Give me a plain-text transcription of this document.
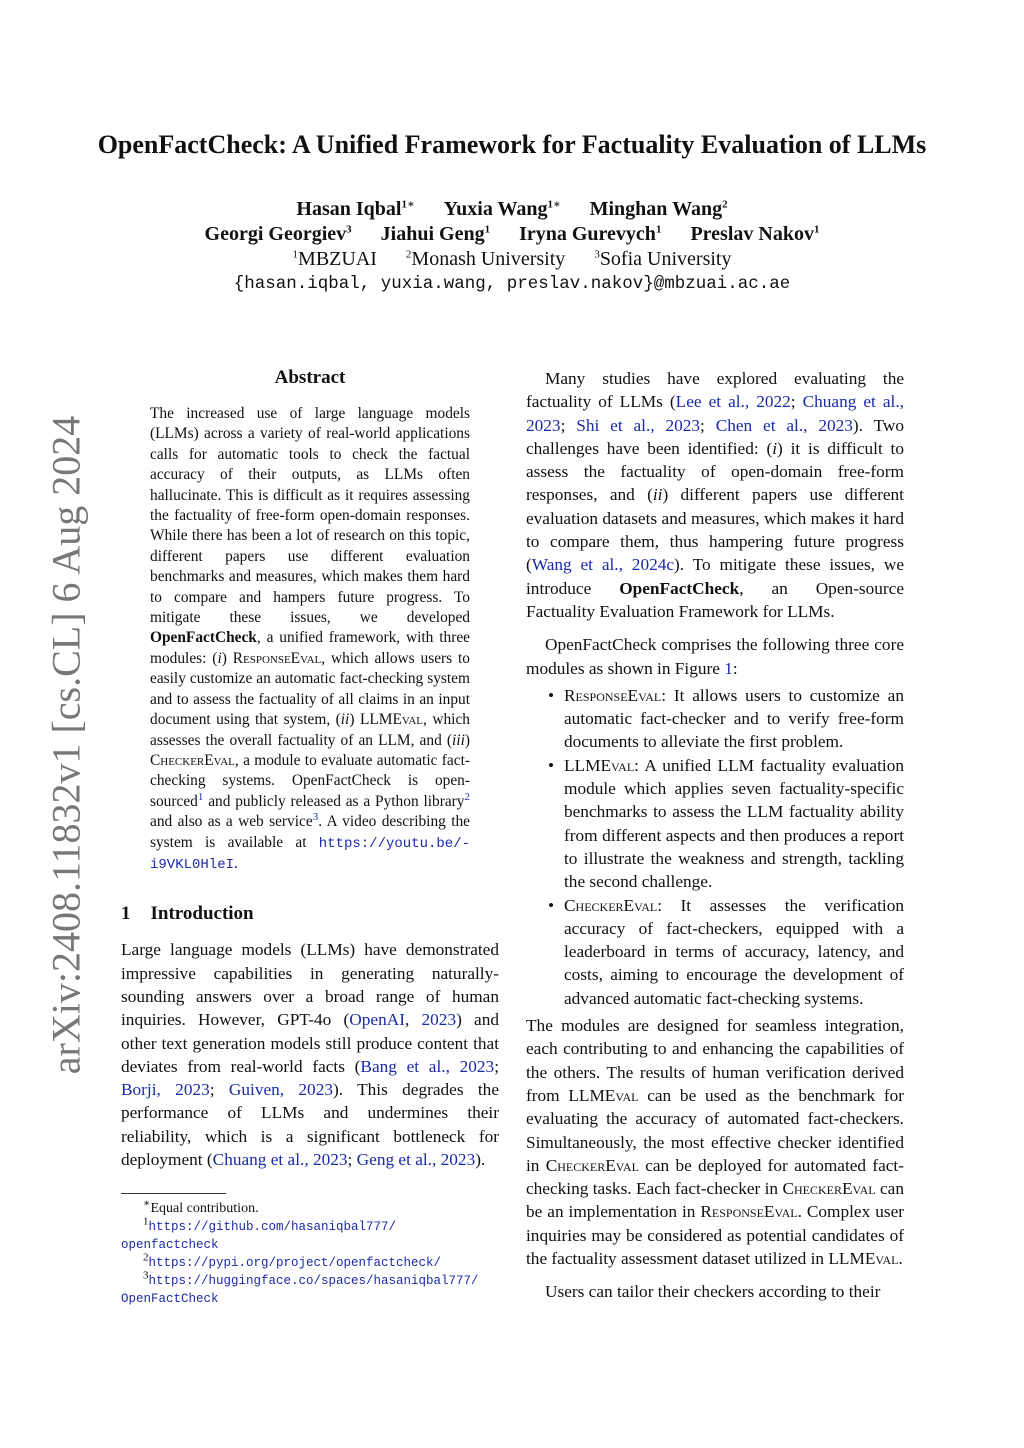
arXiv:2408.11832v1 [cs.CL] 6 Aug 2024
OpenFactCheck: A Unified Framework for Factuality Evaluation of LLMs
Hasan Iqbal$^{1∗}$ Yuxia Wang$^{1∗}$ Minghan Wang$^2$
Georgi Georgiev$^3$ Jiahui Geng$^1$ Iryna Gurevych$^1$ Preslav Nakov$^1$
$^1$MBZUAI	$^2$Monash University	$^3$Sofia University
{hasan.iqbal, yuxia.wang, preslav.nakov}@mbzuai.ac.ae
Abstract
The increased use of large language models (LLMs) across a variety of real-world applications calls for automatic tools to check the factual accuracy of their outputs, as LLMs often hallucinate. This is difficult as it requires assessing the factuality of free-form open-domain responses. While there has been a lot of research on this topic, different papers use different evaluation benchmarks and measures, which makes them hard to compare and hampers future progress. To mitigate these issues, we developed OpenFactCheck, a unified framework, with three modules: (i) ResponseEval, which allows users to easily customize an automatic fact-checking system and to assess the factuality of all claims in an input document using that system, (ii) LLMEval, which assesses the overall factuality of an LLM, and (iii) CheckerEval, a module to evaluate automatic fact-checking systems. OpenFactCheck is open-sourced$^1$ and publicly released as a Python library$^2$ and also as a web service$^3$. A video describing the system is available at https://youtu.be/-i9VKL0HleI.
1 Introduction

Large language models (LLMs) have demonstrated impressive capabilities in generating naturally-sounding answers over a broad range of human inquiries. However, GPT-4o (OpenAI, 2023) and other text generation models still produce content that deviates from real-world facts (Bang et al., 2023; Borji, 2023; Guiven, 2023). This degrades the performance of LLMs and undermines their reliability, which is a significant bottleneck for deployment (Chuang et al., 2023; Geng et al., 2023).

∗Equal contribution.
$^1$https://github.com/hasaniqbal777/
openfactcheck
$^2$https://pypi.org/project/openfactcheck/
$^3$https://huggingface.co/spaces/hasaniqbal777/
OpenFactCheck

Many studies have explored evaluating the factuality of LLMs (Lee et al., 2022; Chuang et al., 2023; Shi et al., 2023; Chen et al., 2023). Two challenges have been identified: (i) it is difficult to assess the factuality of open-domain free-form responses, and (ii) different papers use different evaluation datasets and measures, which makes it hard to compare them, thus hampering future progress (Wang et al., 2024c). To mitigate these issues, we introduce OpenFactCheck, an Open-source Factuality Evaluation Framework for LLMs.

OpenFactCheck comprises the following three core modules as shown in Figure 1:

• ResponseEval: It allows users to customize an automatic fact-checker and to verify free-form documents to alleviate the first problem.
• LLMEval: A unified LLM factuality evaluation module which applies seven factuality-specific benchmarks to assess the LLM factuality ability from different aspects and then produces a report to illustrate the weakness and strength, tackling the second challenge.
• CheckerEval: It assesses the verification accuracy of fact-checkers, equipped with a leaderboard in terms of accuracy, latency, and costs, aiming to encourage the development of advanced automatic fact-checking systems.

The modules are designed for seamless integration, each contributing to and enhancing the capabilities of the others. The results of human verification derived from LLMEval can be used as the benchmark for evaluating the accuracy of automated fact-checkers. Simultaneously, the most effective checker identified in CheckerEval can be deployed for automated fact-checking tasks. Each fact-checker in CheckerEval can be an implementation in ResponseEval. Complex user inquiries may be considered as potential candidates of the factuality assessment dataset utilized in LLMEval.

Users can tailor their checkers according to their
